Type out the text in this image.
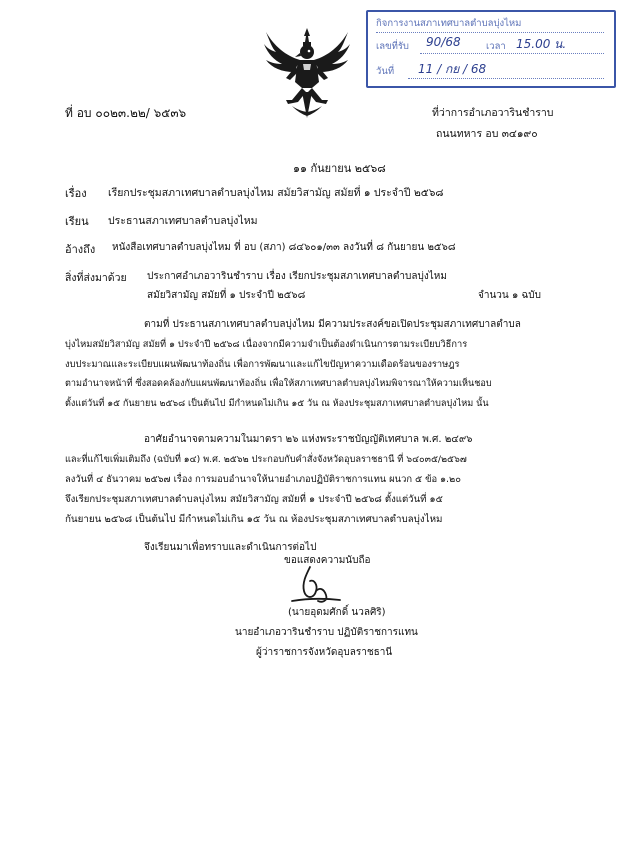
กิจการงานสภาเทศบาลตำบลบุ่งไหม
เลขที่รับ 90/68	เวลา 15.00 น.
วันที่ 11 / กย / 68
ที่ อบ ๐๐๒๓.๒๒/ ๖๕๓๖	ที่ว่าการอำเภอวารินชำราบ
ถนนทหาร อบ ๓๔๑๙๐
๑๑ กันยายน ๒๕๖๘
เรื่อง เรียกประชุมสภาเทศบาลตำบลบุ่งไหม สมัยวิสามัญ สมัยที่ ๑ ประจำปี ๒๕๖๘
เรียน ประธานสภาเทศบาลตำบลบุ่งไหม
อ้างถึง หนังสือเทศบาลตำบลบุ่งไหม ที่ อบ (สภา) ๘๔๖๐๑/๓๓ ลงวันที่ ๘ กันยายน ๒๕๖๘
สิ่งที่ส่งมาด้วย ประกาศอำเภอวารินชำราบ เรื่อง เรียกประชุมสภาเทศบาลตำบลบุ่งไหม
สมัยวิสามัญ สมัยที่ ๑ ประจำปี ๒๕๖๘	จำนวน ๑ ฉบับ
ตามที่ ประธานสภาเทศบาลตำบลบุ่งไหม มีความประสงค์ขอเปิดประชุมสภาเทศบาลตำบล
บุ่งไหมสมัยวิสามัญ สมัยที่ ๑ ประจำปี ๒๕๖๘ เนื่องจากมีความจำเป็นต้องดำเนินการตามระเบียบวิธีการ
งบประมาณและระเบียบแผนพัฒนาท้องถิ่น เพื่อการพัฒนาและแก้ไขปัญหาความเดือดร้อนของราษฎร
ตามอำนาจหน้าที่ ซึ่งสอดคล้องกับแผนพัฒนาท้องถิ่น เพื่อให้สภาเทศบาลตำบลบุ่งไหมพิจารณาให้ความเห็นชอบ
ตั้งแต่วันที่ ๑๕ กันยายน ๒๕๖๘ เป็นต้นไป มีกำหนดไม่เกิน ๑๕ วัน ณ ห้องประชุมสภาเทศบาลตำบลบุ่งไหม นั้น
อาศัยอำนาจตามความในมาตรา ๒๖ แห่งพระราชบัญญัติเทศบาล พ.ศ. ๒๔๙๖
และที่แก้ไขเพิ่มเติมถึง (ฉบับที่ ๑๔) พ.ศ. ๒๕๖๒ ประกอบกับคำสั่งจังหวัดอุบลราชธานี ที่ ๖๔๐๓๕/๒๕๖๗
ลงวันที่ ๔ ธันวาคม ๒๕๖๗ เรื่อง การมอบอำนาจให้นายอำเภอปฏิบัติราชการแทน ผนวก ๕ ข้อ ๑.๒๐
จึงเรียกประชุมสภาเทศบาลตำบลบุ่งไหม สมัยวิสามัญ สมัยที่ ๑ ประจำปี ๒๕๖๘ ตั้งแต่วันที่ ๑๕
กันยายน ๒๕๖๘ เป็นต้นไป มีกำหนดไม่เกิน ๑๕ วัน ณ ห้องประชุมสภาเทศบาลตำบลบุ่งไหม
จึงเรียนมาเพื่อทราบและดำเนินการต่อไป
ขอแสดงความนับถือ
(นายอุดมศักดิ์ นวลศิริ)
นายอำเภอวารินชำราบ ปฏิบัติราชการแทน
ผู้ว่าราชการจังหวัดอุบลราชธานี
